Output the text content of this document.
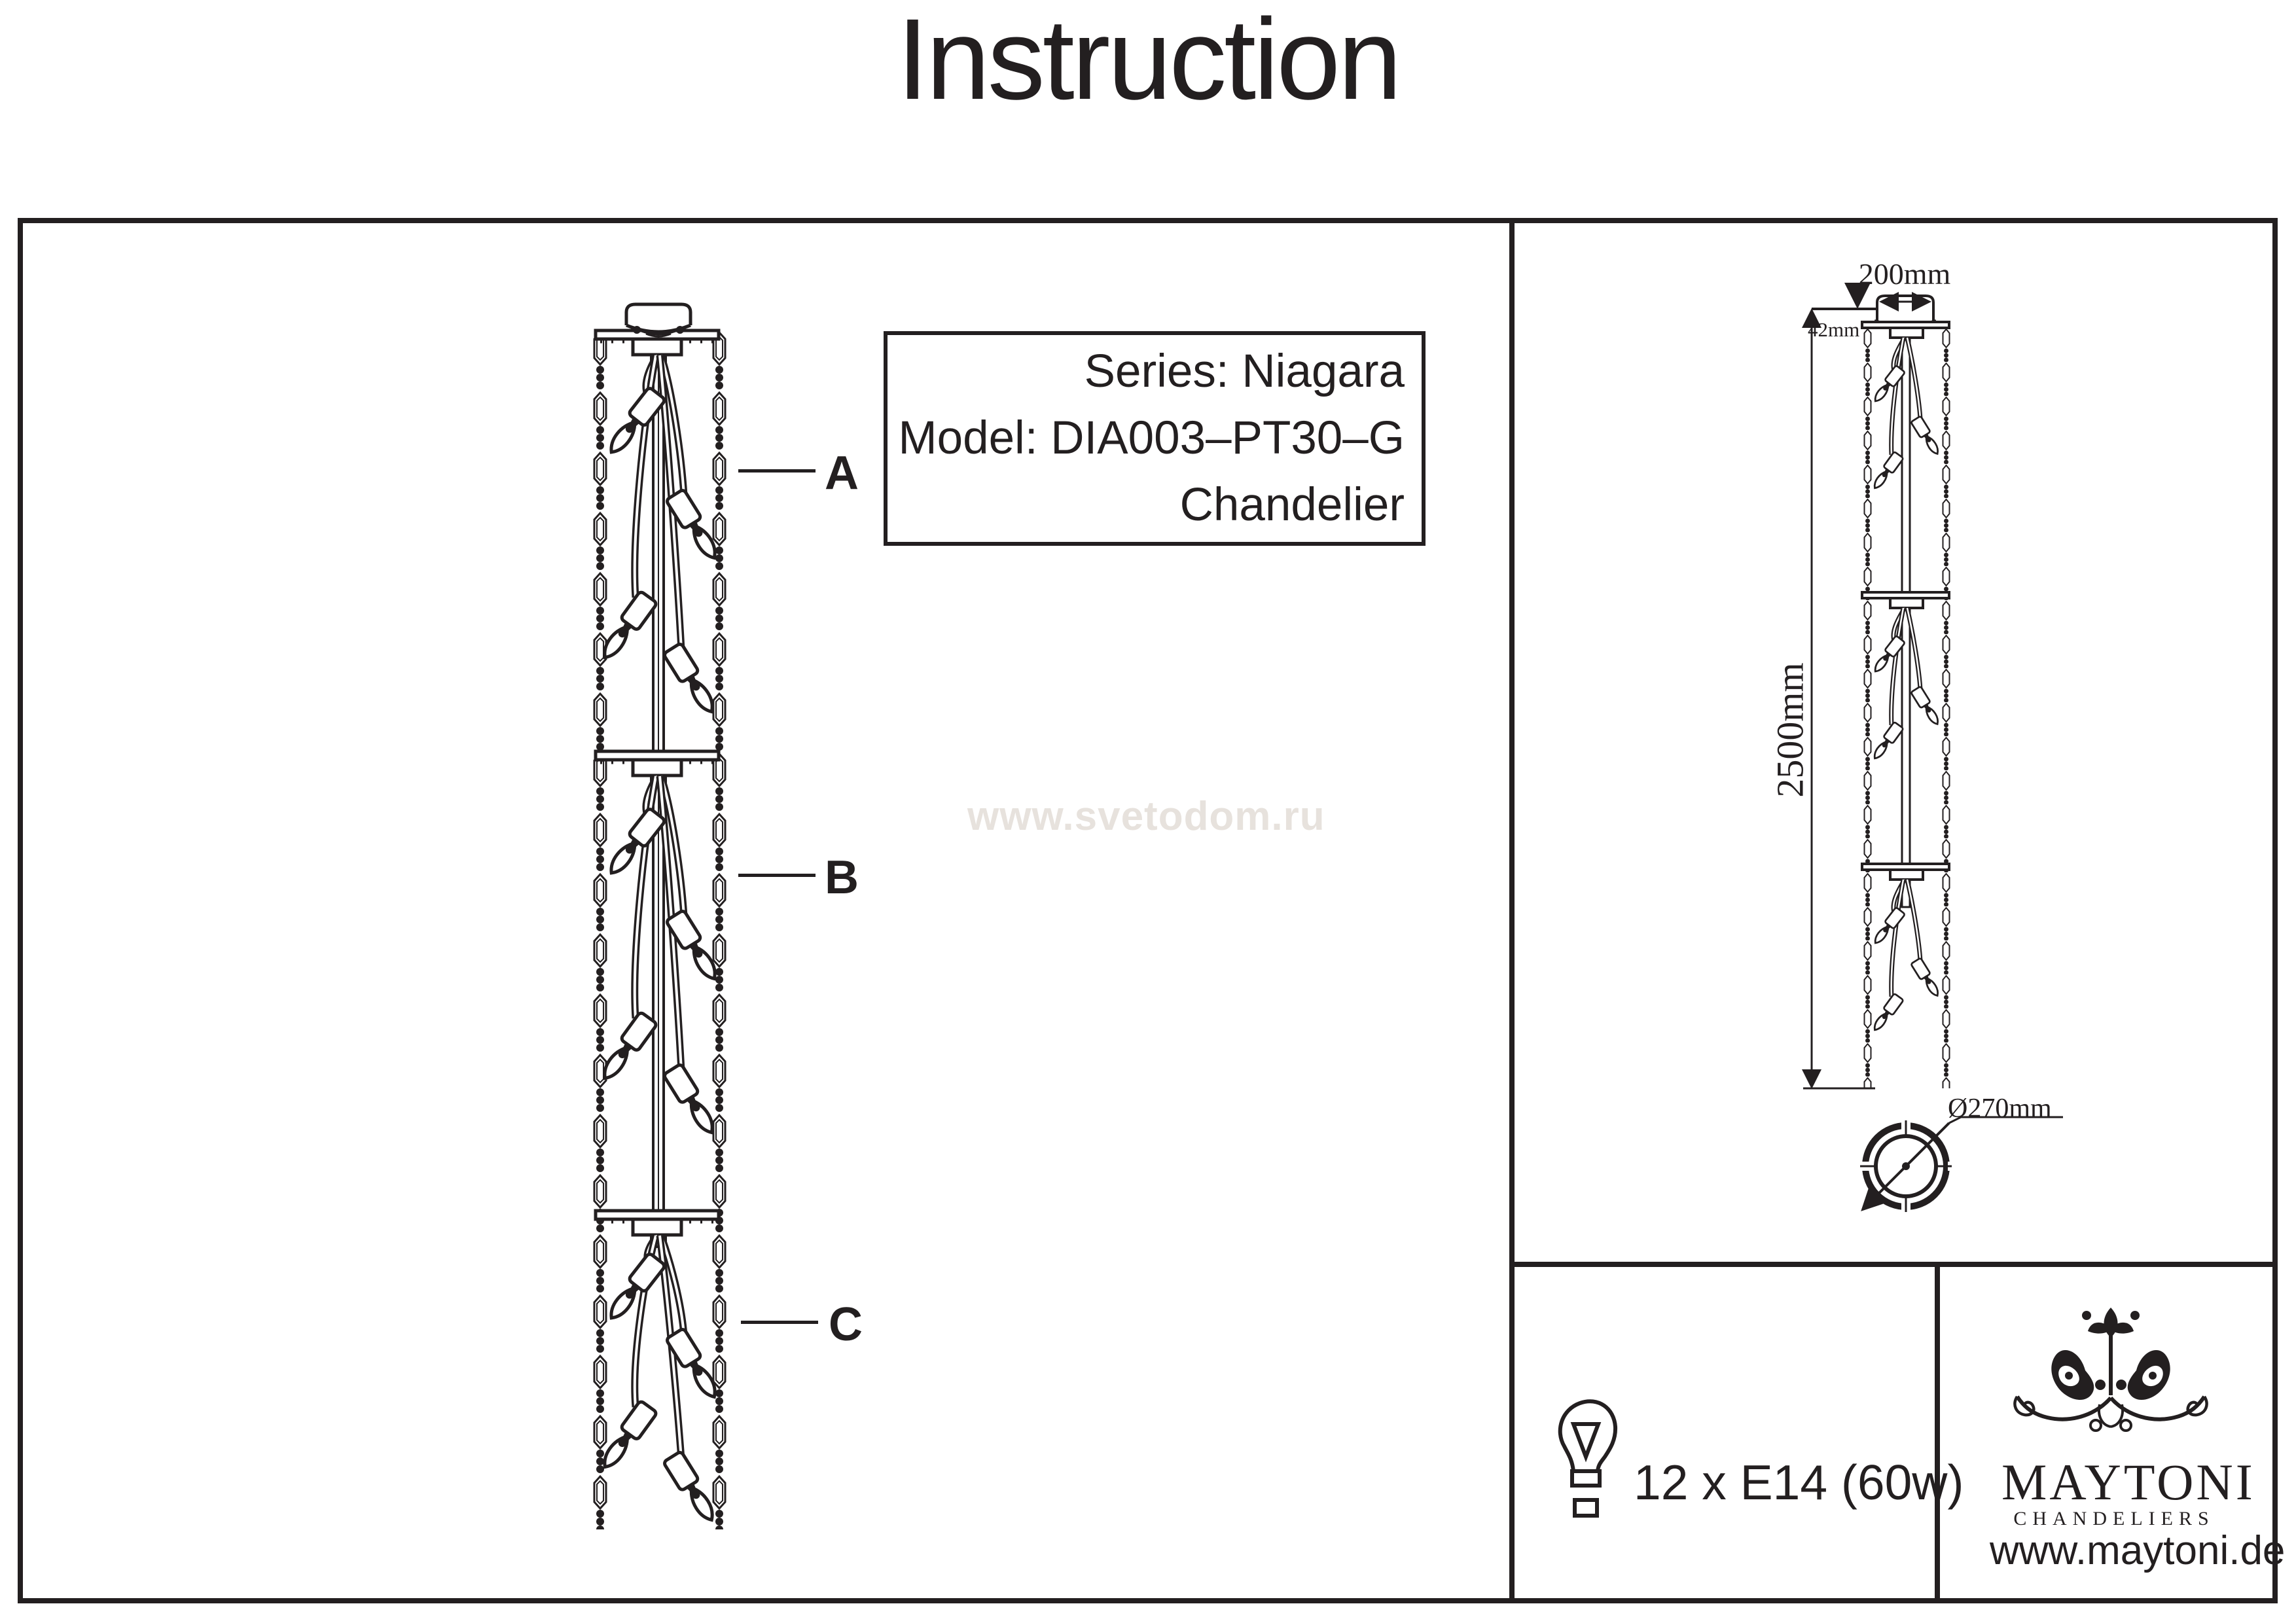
Instruction
A
B
C
Series: Niagara
Model: DIA003–PT30–G
Chandelier
www.svetodom.ru
200mm
42mm
2500mm
Ø270mm
12 x E14 (60w) MAYTONI
CHANDELIERS
www.maytoni.de
